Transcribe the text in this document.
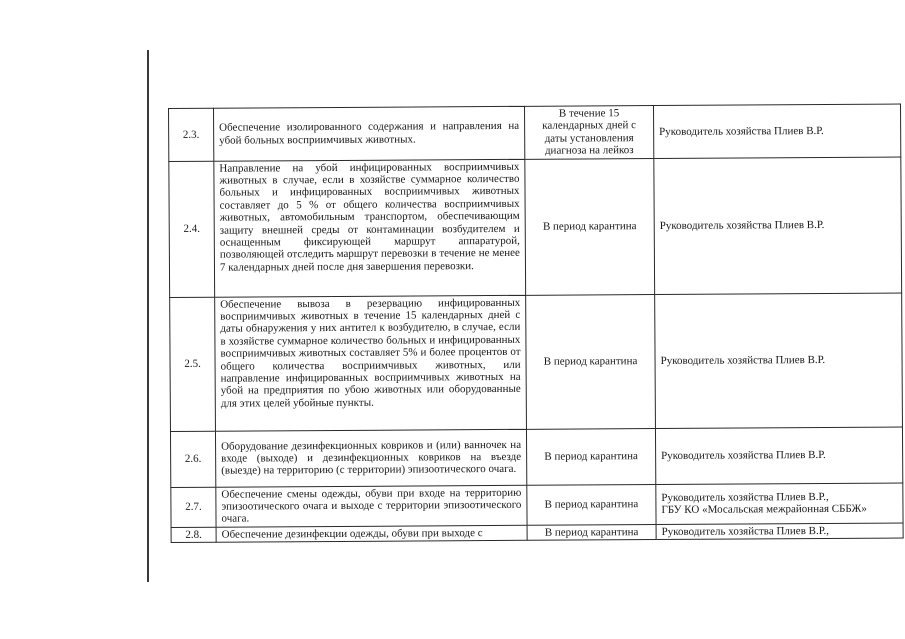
2.3.	Обеспечение изолированного содержания и направления на убой больных восприимчивых животных.	В течение 15 календарных дней с даты установления диагноза на лейкоз	Руководитель хозяйства Плиев В.Р.

2.4.	Направление на убой инфицированных восприимчивых животных в случае, если в хозяйстве суммарное количество больных и инфицированных восприимчивых животных составляет до 5 % от общего количества восприимчивых животных, автомобильным транспортом, обеспечивающим защиту внешней среды от контаминации возбудителем и оснащенным фиксирующей маршрут аппаратурой, позволяющей отследить маршрут перевозки в течение не менее 7 календарных дней после дня завершения перевозки.	В период карантина	Руководитель хозяйства Плиев В.Р.

2.5.	Обеспечение вывоза в резервацию инфицированных восприимчивых животных в течение 15 календарных дней с даты обнаружения у них антител к возбудителю, в случае, если в хозяйстве суммарное количество больных и инфицированных восприимчивых животных составляет 5% и более процентов от общего количества восприимчивых животных, или направление инфицированных восприимчивых животных на убой на предприятия по убою животных или оборудованные для этих целей убойные пункты.	В период карантина	Руководитель хозяйства Плиев В.Р.

2.6.	Оборудование дезинфекционных ковриков и (или) ванночек на входе (выходе) и дезинфекционных ковриков на въезде (выезде) на территорию (с территории) эпизоотического очага.	В период карантина	Руководитель хозяйства Плиев В.Р.

2.7.	Обеспечение смены одежды, обуви при входе на территорию эпизоотического очага и выходе с территории эпизоотического очага.	В период карантина	Руководитель хозяйства Плиев В.Р.,
ГБУ КО «Мосальская межрайонная СББЖ»

2.8.	Обеспечение дезинфекции одежды, обуви при выходе с	В период карантина	Руководитель хозяйства Плиев В.Р.,
